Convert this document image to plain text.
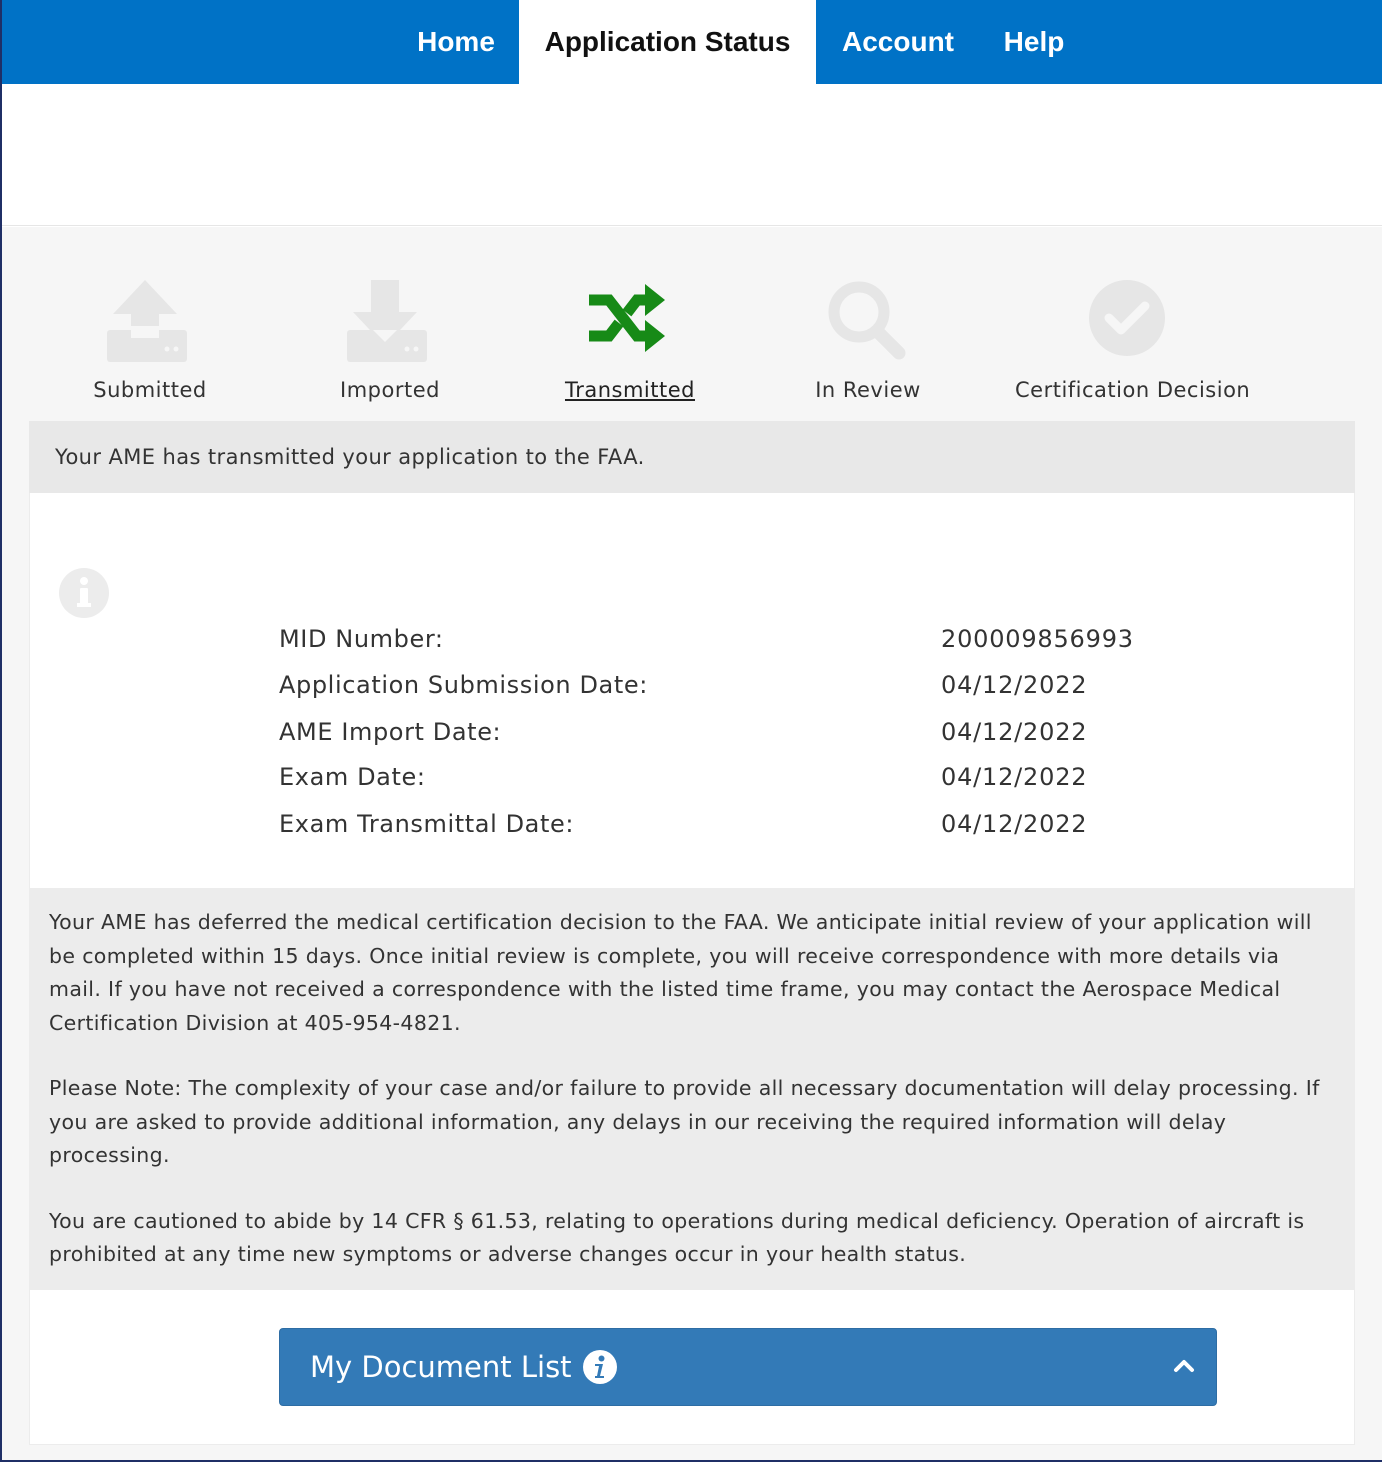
Home	Application Status	Account	Help
Submitted	Imported	Transmitted	In Review	Certification Decision
Your AME has transmitted your application to the FAA.
MID Number:	200009856993
Application Submission Date:	04/12/2022
AME Import Date:	04/12/2022
Exam Date:	04/12/2022
Exam Transmittal Date:	04/12/2022

Your AME has deferred the medical certification decision to the FAA. We anticipate initial review of your application will be completed within 15 days. Once initial review is complete, you will receive correspondence with more details via mail. If you have not received a correspondence with the listed time frame, you may contact the Aerospace Medical Certification Division at 405-954-4821.

Please Note: The complexity of your case and/or failure to provide all necessary documentation will delay processing. If you are asked to provide additional information, any delays in our receiving the required information will delay processing.

You are cautioned to abide by 14 CFR § 61.53, relating to operations during medical deficiency. Operation of aircraft is prohibited at any time new symptoms or adverse changes occur in your health status.

My Document List
